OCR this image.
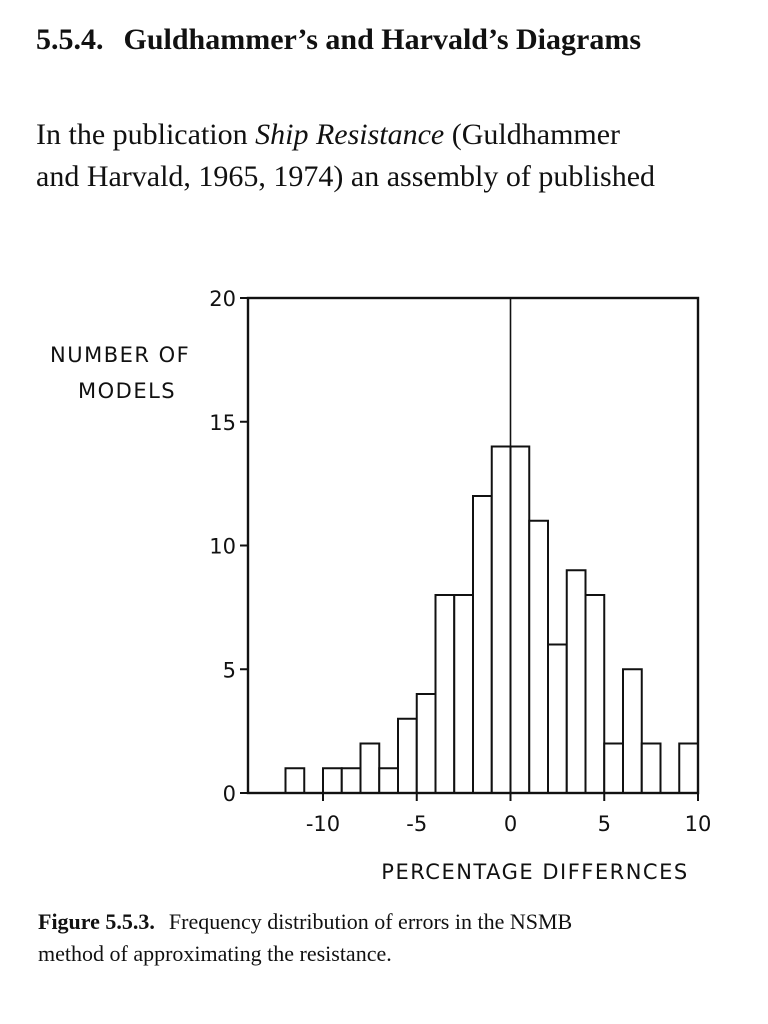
5.5.4. Guldhammer’s and Harvald’s Diagrams
In the publication Ship Resistance (Guldhammer
and Harvald, 1965, 1974) an assembly of published
-10	-5	0	5	10
0
5
10
15
20
NUMBER OF
MODELS
PERCENTAGE DIFFERNCES
Figure 5.5.3. Frequency distribution of errors in the NSMB
method of approximating the resistance.
